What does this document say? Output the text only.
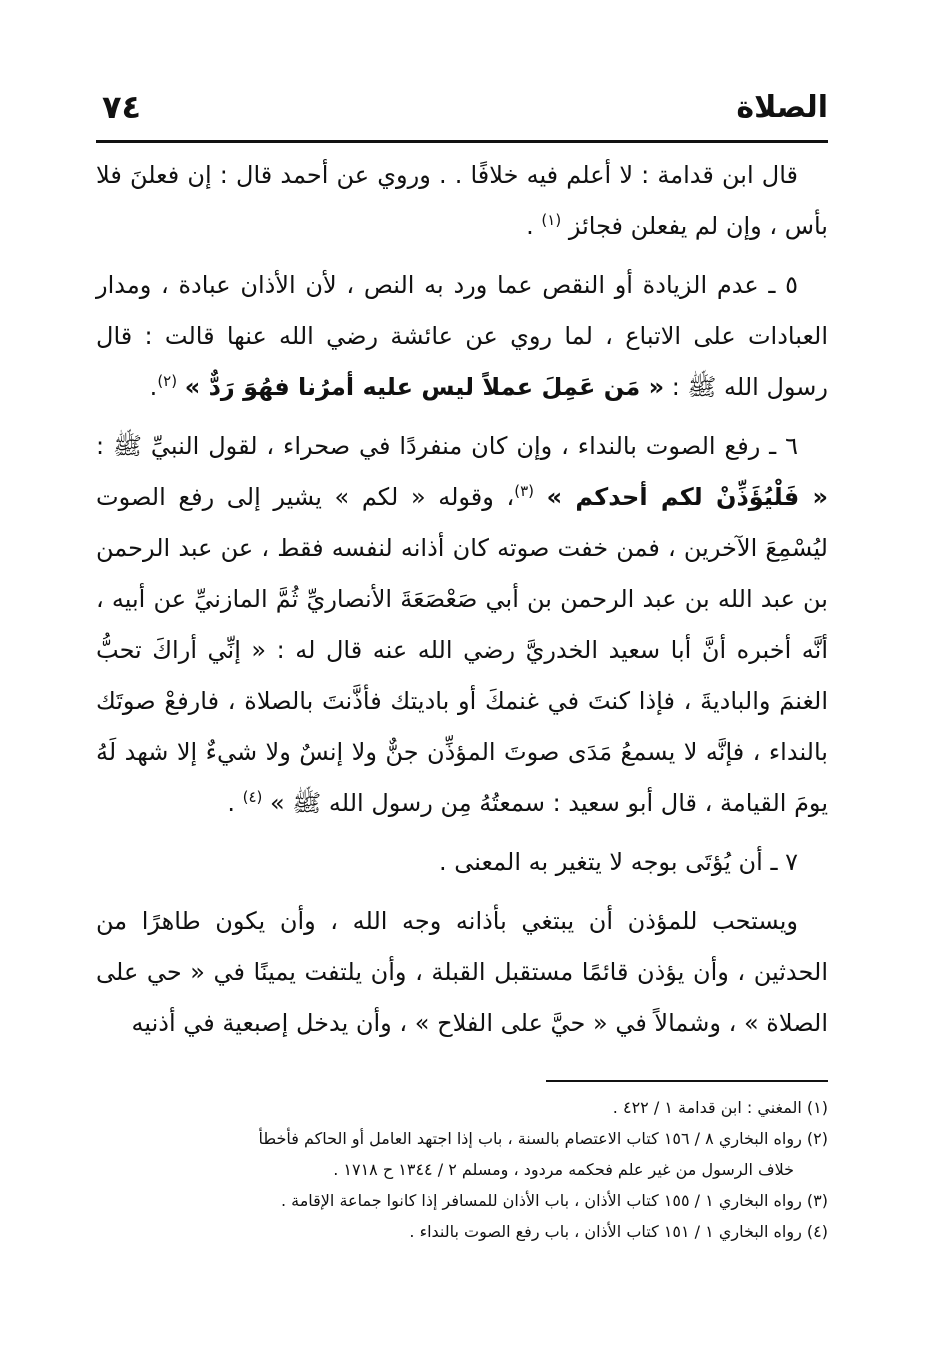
الصلاة
٧٤

قال ابن قدامة : لا أعلم فيه خلافًا . . وروي عن أحمد قال : إن فعلنَ فلا بأس ، وإن لم يفعلن فجائز $^{(١)}$ .

٥ ـ عدم الزيادة أو النقص عما ورد به النص ، لأن الأذان عبادة ، ومدار العبادات على الاتباع ، لما روي عن عائشة رضي الله عنها قالت : قال رسول الله ﷺ : « مَن عَمِلَ عملاً ليس عليه أمرُنا فهُوَ رَدٌّ » $^{(٢)}$.

٦ ـ رفع الصوت بالنداء ، وإن كان منفردًا في صحراء ، لقول النبيِّ ﷺ : « فَلْيُؤَذِّنْ لكم أحدكم » $^{(٣)}$، وقوله « لكم » يشير إلى رفع الصوت ليُسْمِعَ الآخرين ، فمن خفت صوته كان أذانه لنفسه فقط ، عن عبد الرحمن بن عبد الله بن عبد الرحمن بن أبي صَعْصَعَةَ الأنصاريِّ ثُمَّ المازنيِّ عن أبيه ، أنَّه أخبره أنَّ أبا سعيد الخدريَّ رضي الله عنه قال له : « إنِّي أراكَ تحبُّ الغنمَ والباديةَ ، فإذا كنتَ في غنمكَ أو باديتك فأذَّنتَ بالصلاة ، فارفعْ صوتَك بالنداء ، فإنَّه لا يسمعُ مَدَى صوتَ المؤذِّن جنٌّ ولا إنسٌ ولا شيءٌ إلا شهد لَهُ يومَ القيامة ، قال أبو سعيد : سمعتُهُ مِن رسول الله ﷺ » $^{(٤)}$ .

٧ ـ أن يُؤتَى بوجه لا يتغير به المعنى .

ويستحب للمؤذن أن يبتغي بأذانه وجه الله ، وأن يكون طاهرًا من الحدثين ، وأن يؤذن قائمًا مستقبل القبلة ، وأن يلتفت يمينًا في « حي على الصلاة » ، وشمالاً في « حيَّ على الفلاح » ، وأن يدخل إصبعية في أذنيه

(١) المغني : ابن قدامة ١ / ٤٢٢ .

(٢) رواه البخاري ٨ / ١٥٦ كتاب الاعتصام بالسنة ، باب إذا اجتهد العامل أو الحاكم فأخطأ

خلاف الرسول من غير علم فحكمه مردود ، ومسلم ٢ / ١٣٤٤ ح ١٧١٨ .

(٣) رواه البخاري ١ / ١٥٥ كتاب الأذان ، باب الأذان للمسافر إذا كانوا جماعة الإقامة .

(٤) رواه البخاري ١ / ١٥١ كتاب الأذان ، باب رفع الصوت بالنداء .
